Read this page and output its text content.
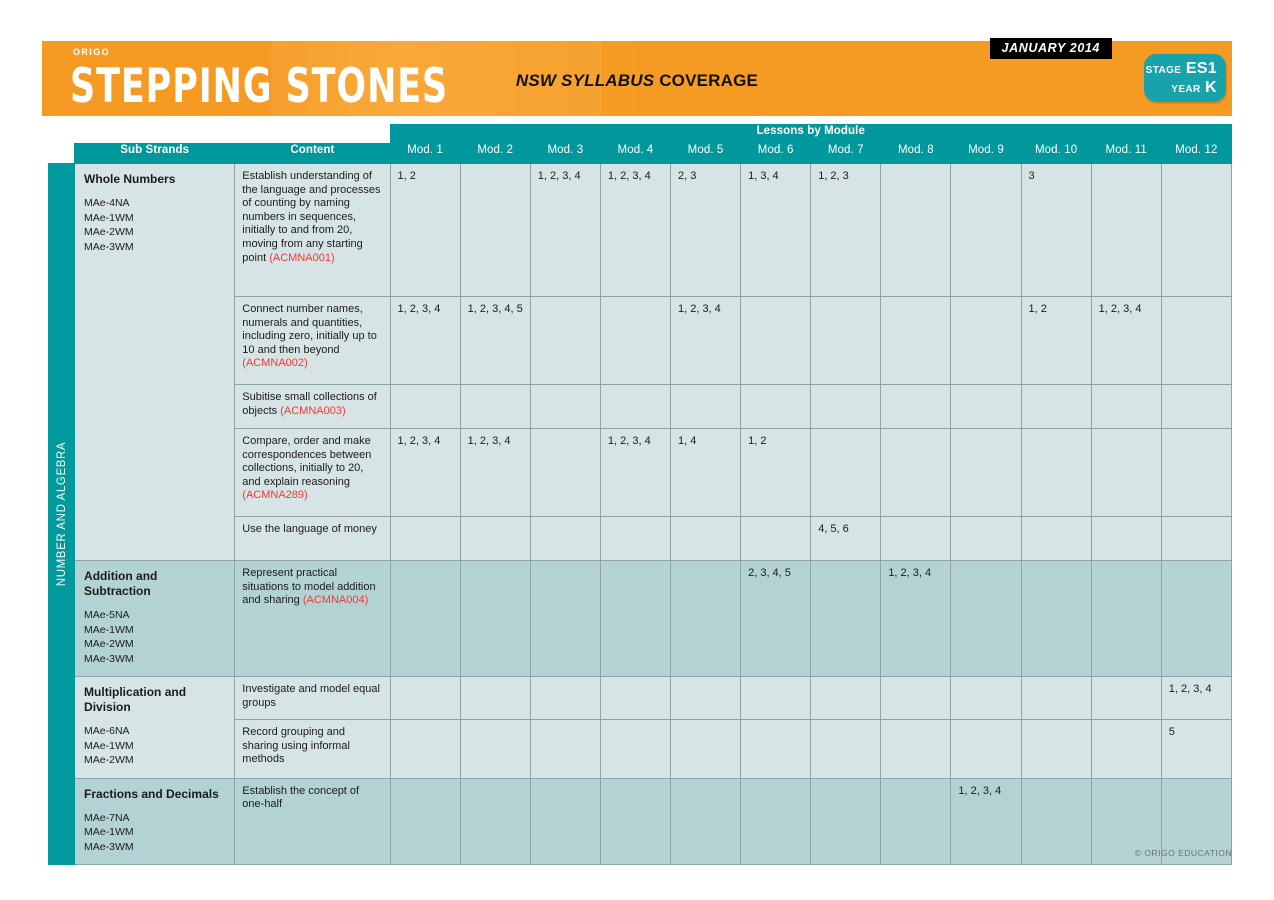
ORIGO
STEPPING STONES	NSW SYLLABUS COVERAGE
JANUARY 2014
STAGE ES1
YEAR K
			Lessons by Module											
	Sub Strands	Content	Mod. 1	Mod. 2	Mod. 3	Mod. 4	Mod. 5	Mod. 6	Mod. 7	Mod. 8	Mod. 9	Mod. 10	Mod. 11	Mod. 12

NUMBER AND ALGEBRA	Whole Numbers
MAe-4NA
MAe-1WM
MAe-2WM
MAe-3WM	Establish understanding of the language and processes of counting by naming numbers in sequences, initially to and from 20, moving from any starting point (ACMNA001)	1, 2		1, 2, 3, 4	1, 2, 3, 4	2, 3	1, 3, 4	1, 2, 3			3		
		Connect number names, numerals and quantities, including zero, initially up to 10 and then beyond (ACMNA002)	1, 2, 3, 4	1, 2, 3, 4, 5			1, 2, 3, 4					1, 2	1, 2, 3, 4	
		Subitise small collections of objects (ACMNA003)												
		Compare, order and make correspondences between collections, initially to 20, and explain reasoning (ACMNA289)	1, 2, 3, 4	1, 2, 3, 4		1, 2, 3, 4	1, 4	1, 2						
		Use the language of money							4, 5, 6					

	Addition and Subtraction
MAe-5NA
MAe-1WM
MAe-2WM
MAe-3WM	Represent practical situations to model addition and sharing (ACMNA004)						2, 3, 4, 5		1, 2, 3, 4				

	Multiplication and Division
MAe-6NA
MAe-1WM
MAe-2WM	Investigate and model equal groups												1, 2, 3, 4
		Record grouping and sharing using informal methods												5

	Fractions and Decimals
MAe-7NA
MAe-1WM
MAe-3WM	Establish the concept of one-half									1, 2, 3, 4			
© ORIGO EDUCATION
